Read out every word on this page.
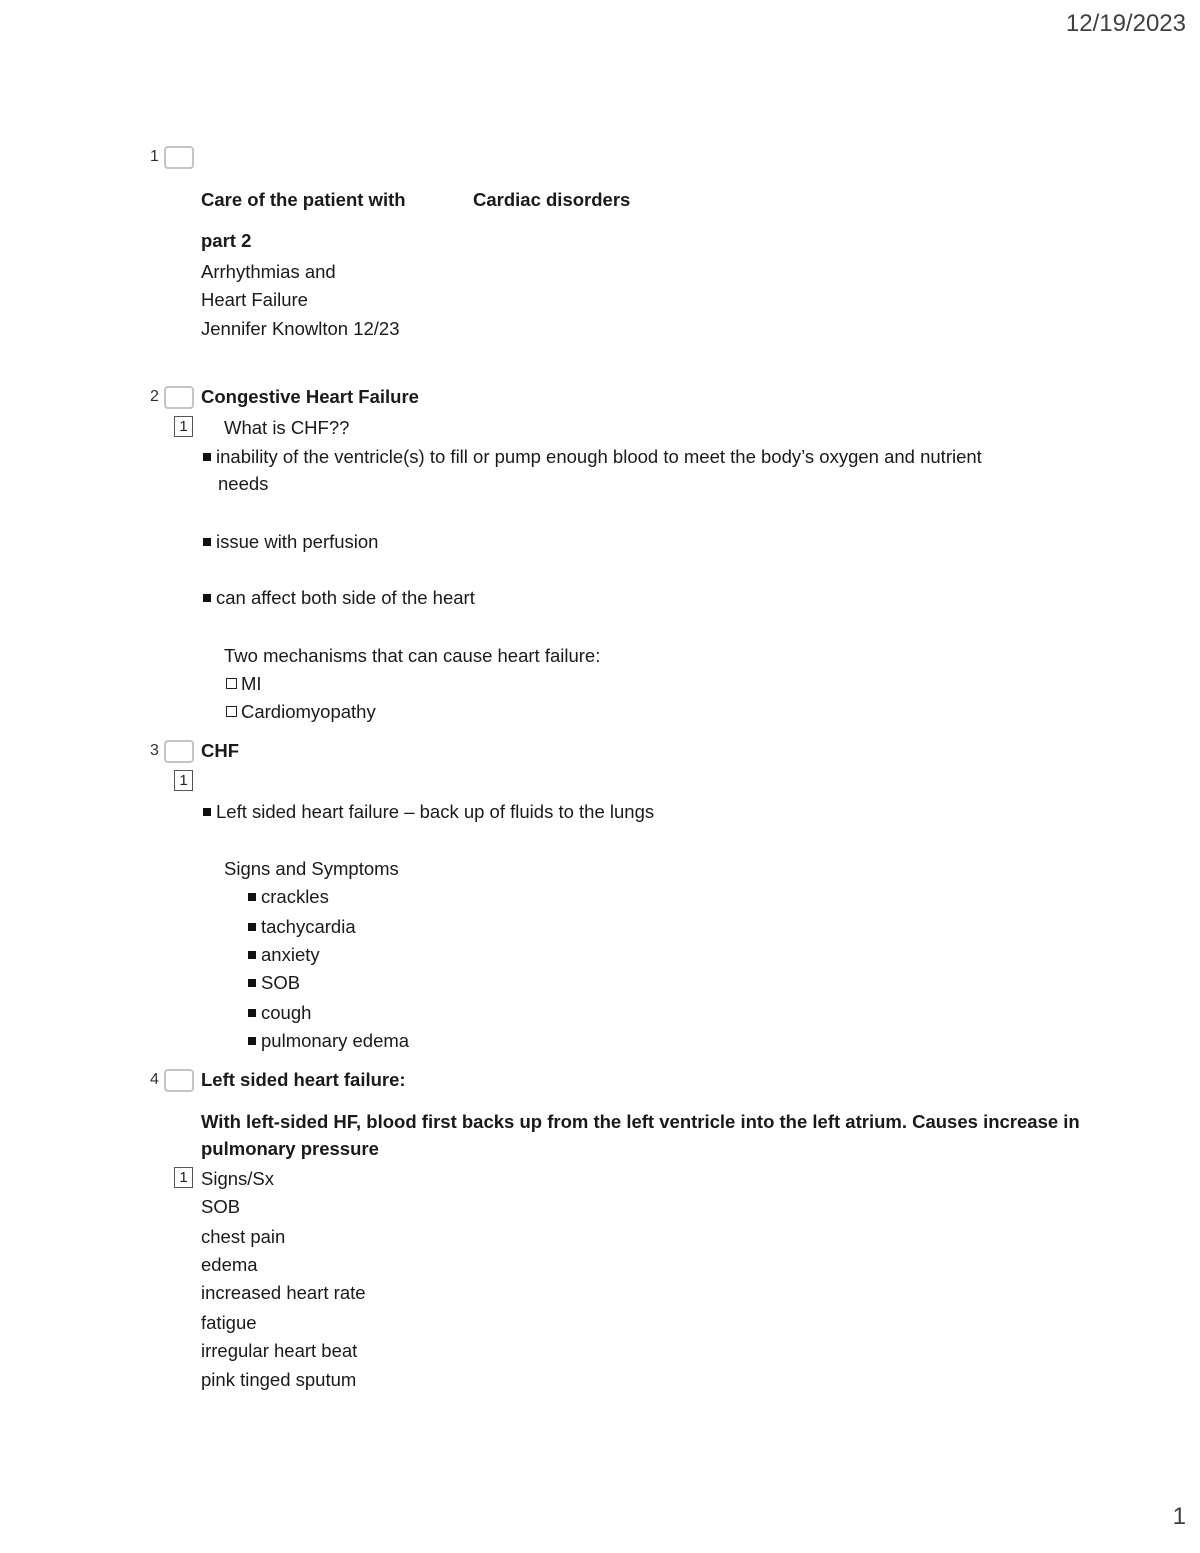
12/19/2023
1
1
Care of the patient with	Cardiac disorders
part 2
Arrhythmias and
Heart Failure
Jennifer Knowlton 12/23
2 Congestive Heart Failure
1 What is CHF??
inability of the ventricle(s) to fill or pump enough blood to meet the body’s oxygen and nutrient
needs
issue with perfusion
can affect both side of the heart
Two mechanisms that can cause heart failure:
MI
Cardiomyopathy
3 CHF
1
Left sided heart failure – back up of fluids to the lungs
Signs and Symptoms
crackles
tachycardia
anxiety
SOB
cough
pulmonary edema
4 Left sided heart failure:
With left-sided HF, blood first backs up from the left ventricle into the left atrium. Causes increase in pulmonary pressure
1 Signs/Sx
SOB
chest pain
edema
increased heart rate
fatigue
irregular heart beat
pink tinged sputum
